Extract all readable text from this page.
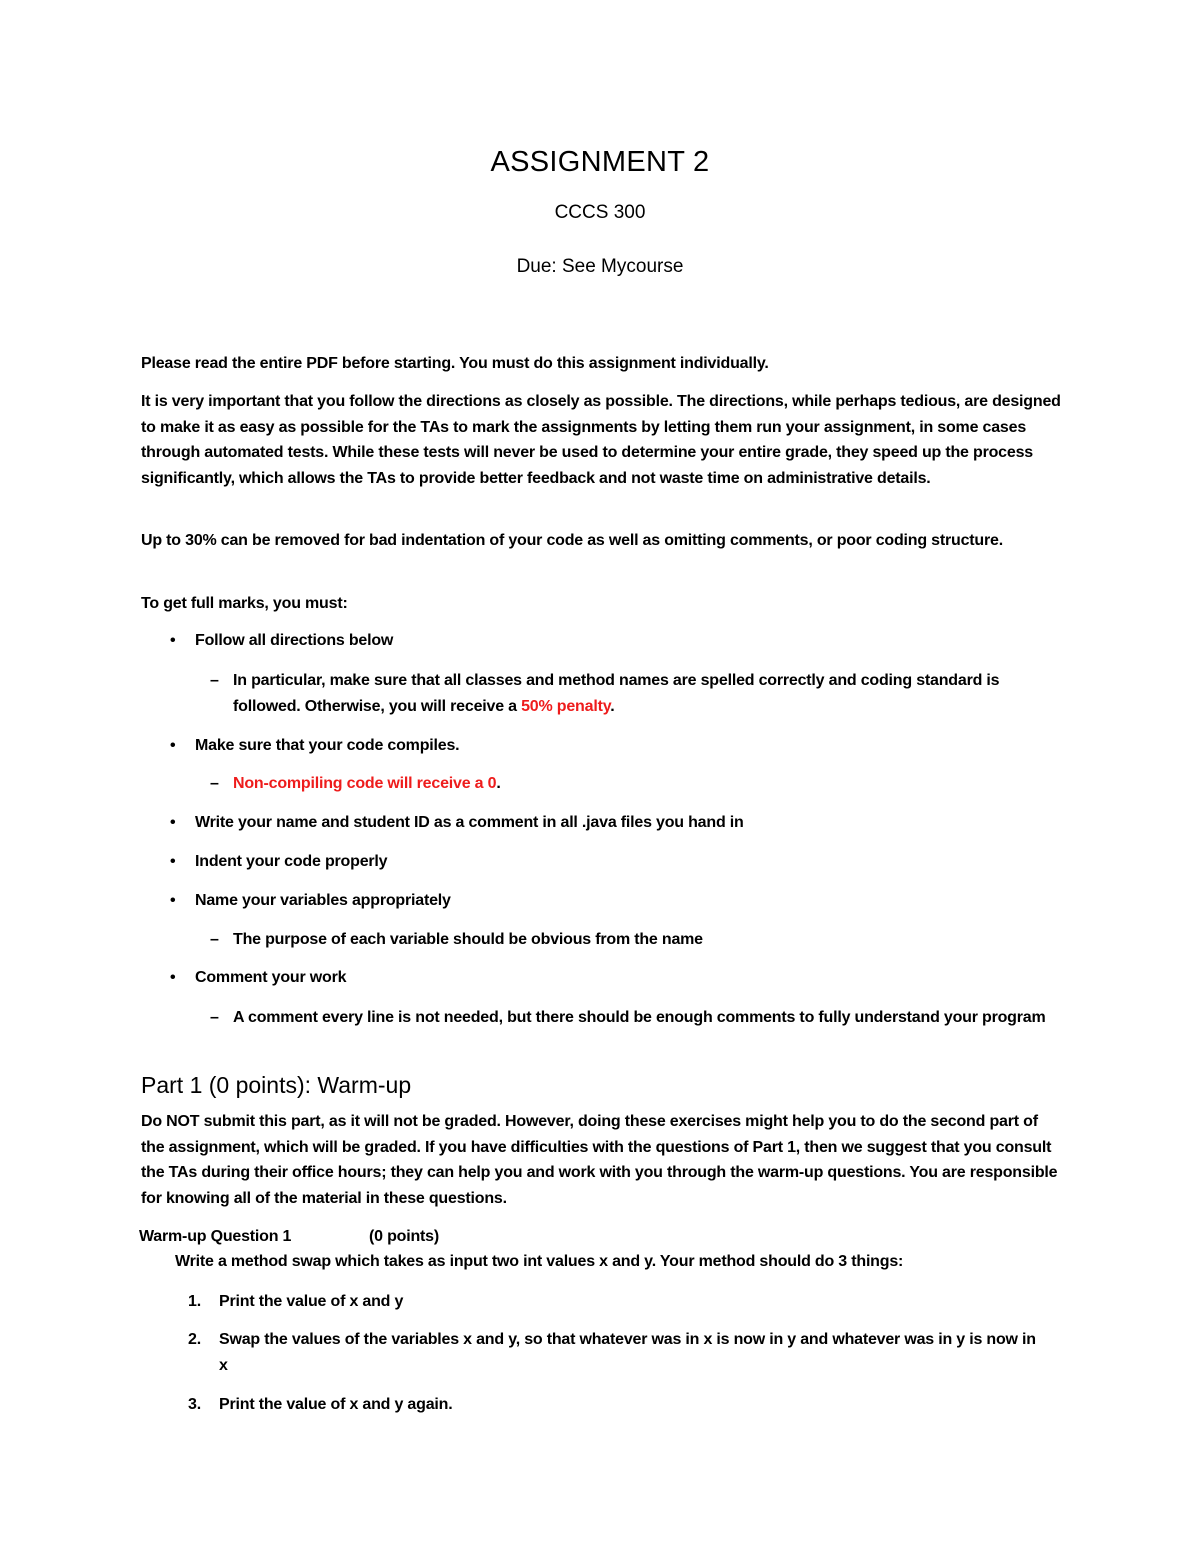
ASSIGNMENT 2
CCCS 300
Due: See Mycourse
Please read the entire PDF before starting. You must do this assignment individually.
It is very important that you follow the directions as closely as possible. The directions, while perhaps tedious, are designed to make it as easy as possible for the TAs to mark the assignments by letting them run your assignment, in some cases through automated tests. While these tests will never be used to determine your entire grade, they speed up the process significantly, which allows the TAs to provide better feedback and not waste time on administrative details.
Up to 30% can be removed for bad indentation of your code as well as omitting comments, or poor coding structure.
To get full marks, you must:
•	Follow all directions below
– In particular, make sure that all classes and method names are spelled correctly and coding standard is followed. Otherwise, you will receive a 50% penalty.
•	Make sure that your code compiles.
– Non-compiling code will receive a 0.
•	Write your name and student ID as a comment in all .java files you hand in
•	Indent your code properly
•	Name your variables appropriately
– The purpose of each variable should be obvious from the name
•	Comment your work
– A comment every line is not needed, but there should be enough comments to fully understand your program
Part 1 (0 points): Warm-up
Do NOT submit this part, as it will not be graded. However, doing these exercises might help you to do the second part of the assignment, which will be graded. If you have difficulties with the questions of Part 1, then we suggest that you consult the TAs during their office hours; they can help you and work with you through the warm-up questions. You are responsible for knowing all of the material in these questions.
Warm-up Question 1	(0 points)
Write a method swap which takes as input two int values x and y. Your method should do 3 things:
1.	Print the value of x and y
2.	Swap the values of the variables x and y, so that whatever was in x is now in y and whatever was in y is now in x
3.	Print the value of x and y again.
